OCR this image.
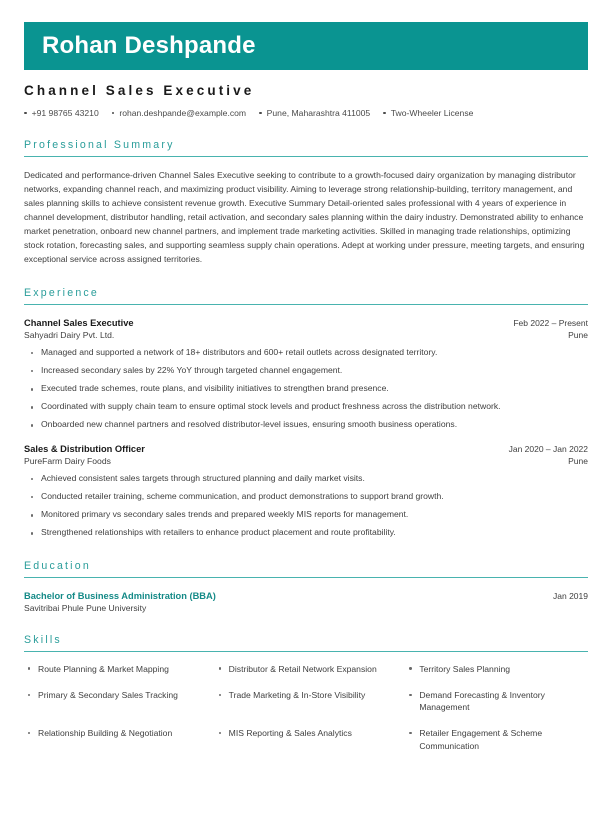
Rohan Deshpande
Channel Sales Executive
+91 98765 43210 rohan.deshpande@example.com Pune, Maharashtra 411005 Two-Wheeler License
Professional Summary
Dedicated and performance-driven Channel Sales Executive seeking to contribute to a growth-focused dairy organization by managing distributor networks, expanding channel reach, and maximizing product visibility. Aiming to leverage strong relationship-building, territory management, and sales planning skills to achieve consistent revenue growth. Executive Summary Detail-oriented sales professional with 4 years of experience in channel development, distributor handling, retail activation, and secondary sales planning within the dairy industry. Demonstrated ability to enhance market penetration, onboard new channel partners, and implement trade marketing activities. Skilled in managing trade relationships, optimizing stock rotation, forecasting sales, and supporting seamless supply chain operations. Adept at working under pressure, meeting targets, and ensuring exceptional service across assigned territories.
Experience
Channel Sales Executive	Feb 2022 – Present
Sahyadri Dairy Pvt. Ltd.	Pune
Managed and supported a network of 18+ distributors and 600+ retail outlets across designated territory.
Increased secondary sales by 22% YoY through targeted channel engagement.
Executed trade schemes, route plans, and visibility initiatives to strengthen brand presence.
Coordinated with supply chain team to ensure optimal stock levels and product freshness across the distribution network.
Onboarded new channel partners and resolved distributor-level issues, ensuring smooth business operations.
Sales & Distribution Officer	Jan 2020 – Jan 2022
PureFarm Dairy Foods	Pune
Achieved consistent sales targets through structured planning and daily market visits.
Conducted retailer training, scheme communication, and product demonstrations to support brand growth.
Monitored primary vs secondary sales trends and prepared weekly MIS reports for management.
Strengthened relationships with retailers to enhance product placement and route profitability.
Education
Bachelor of Business Administration (BBA)	Jan 2019
Savitribai Phule Pune University
Skills
Route Planning & Market Mapping	Distributor & Retail Network Expansion	Territory Sales Planning
Primary & Secondary Sales Tracking	Trade Marketing & In-Store Visibility	Demand Forecasting & Inventory Management
Relationship Building & Negotiation	MIS Reporting & Sales Analytics	Retailer Engagement & Scheme Communication
